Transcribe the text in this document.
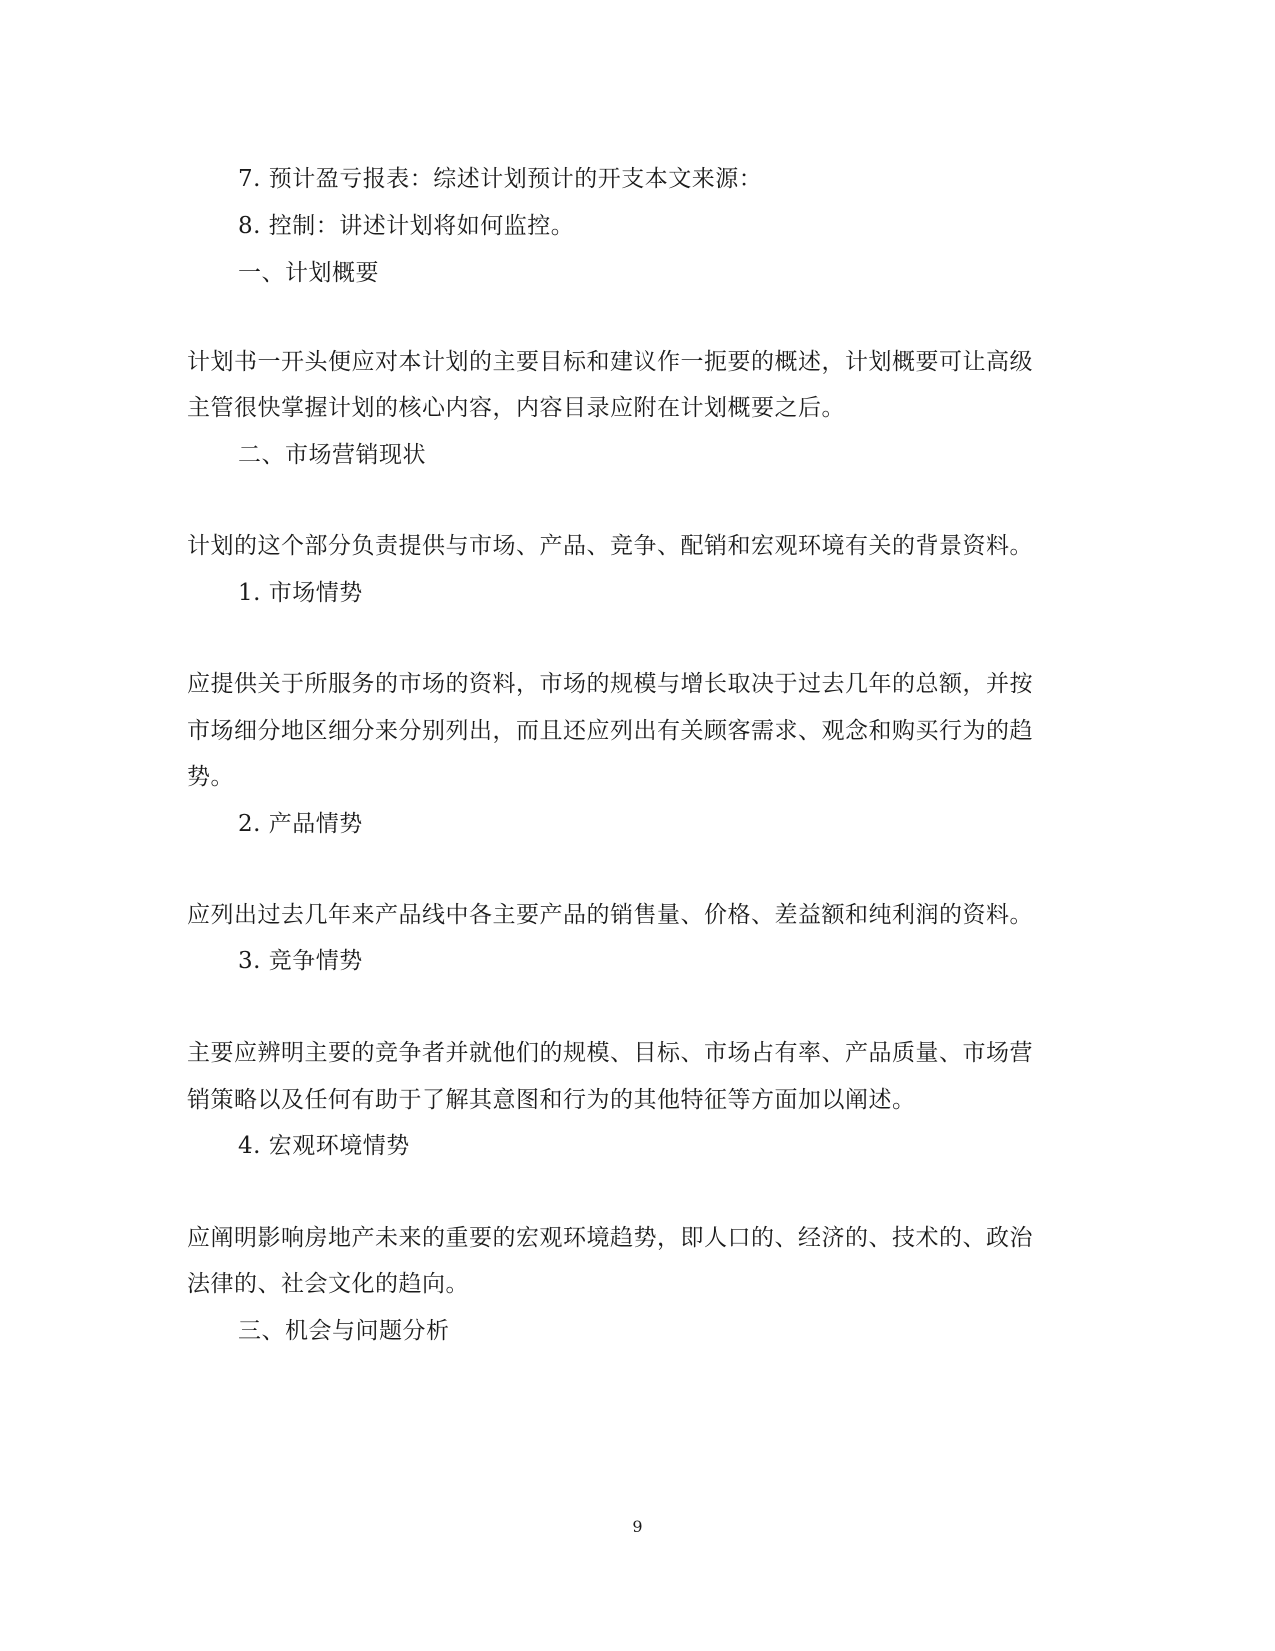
7. 预计盈亏报表：综述计划预计的开支本文来源：
8. 控制：讲述计划将如何监控。
一、计划概要
计划书一开头便应对本计划的主要目标和建议作一扼要的概述，计划概要可让高级
主管很快掌握计划的核心内容，内容目录应附在计划概要之后。
二、市场营销现状
计划的这个部分负责提供与市场、产品、竞争、配销和宏观环境有关的背景资料。
1. 市场情势
应提供关于所服务的市场的资料，市场的规模与增长取决于过去几年的总额，并按
市场细分地区细分来分别列出，而且还应列出有关顾客需求、观念和购买行为的趋
势。
2. 产品情势
应列出过去几年来产品线中各主要产品的销售量、价格、差益额和纯利润的资料。
3. 竞争情势
主要应辨明主要的竞争者并就他们的规模、目标、市场占有率、产品质量、市场营
销策略以及任何有助于了解其意图和行为的其他特征等方面加以阐述。
4. 宏观环境情势
应阐明影响房地产未来的重要的宏观环境趋势，即人口的、经济的、技术的、政治
法律的、社会文化的趋向。
三、机会与问题分析
9
